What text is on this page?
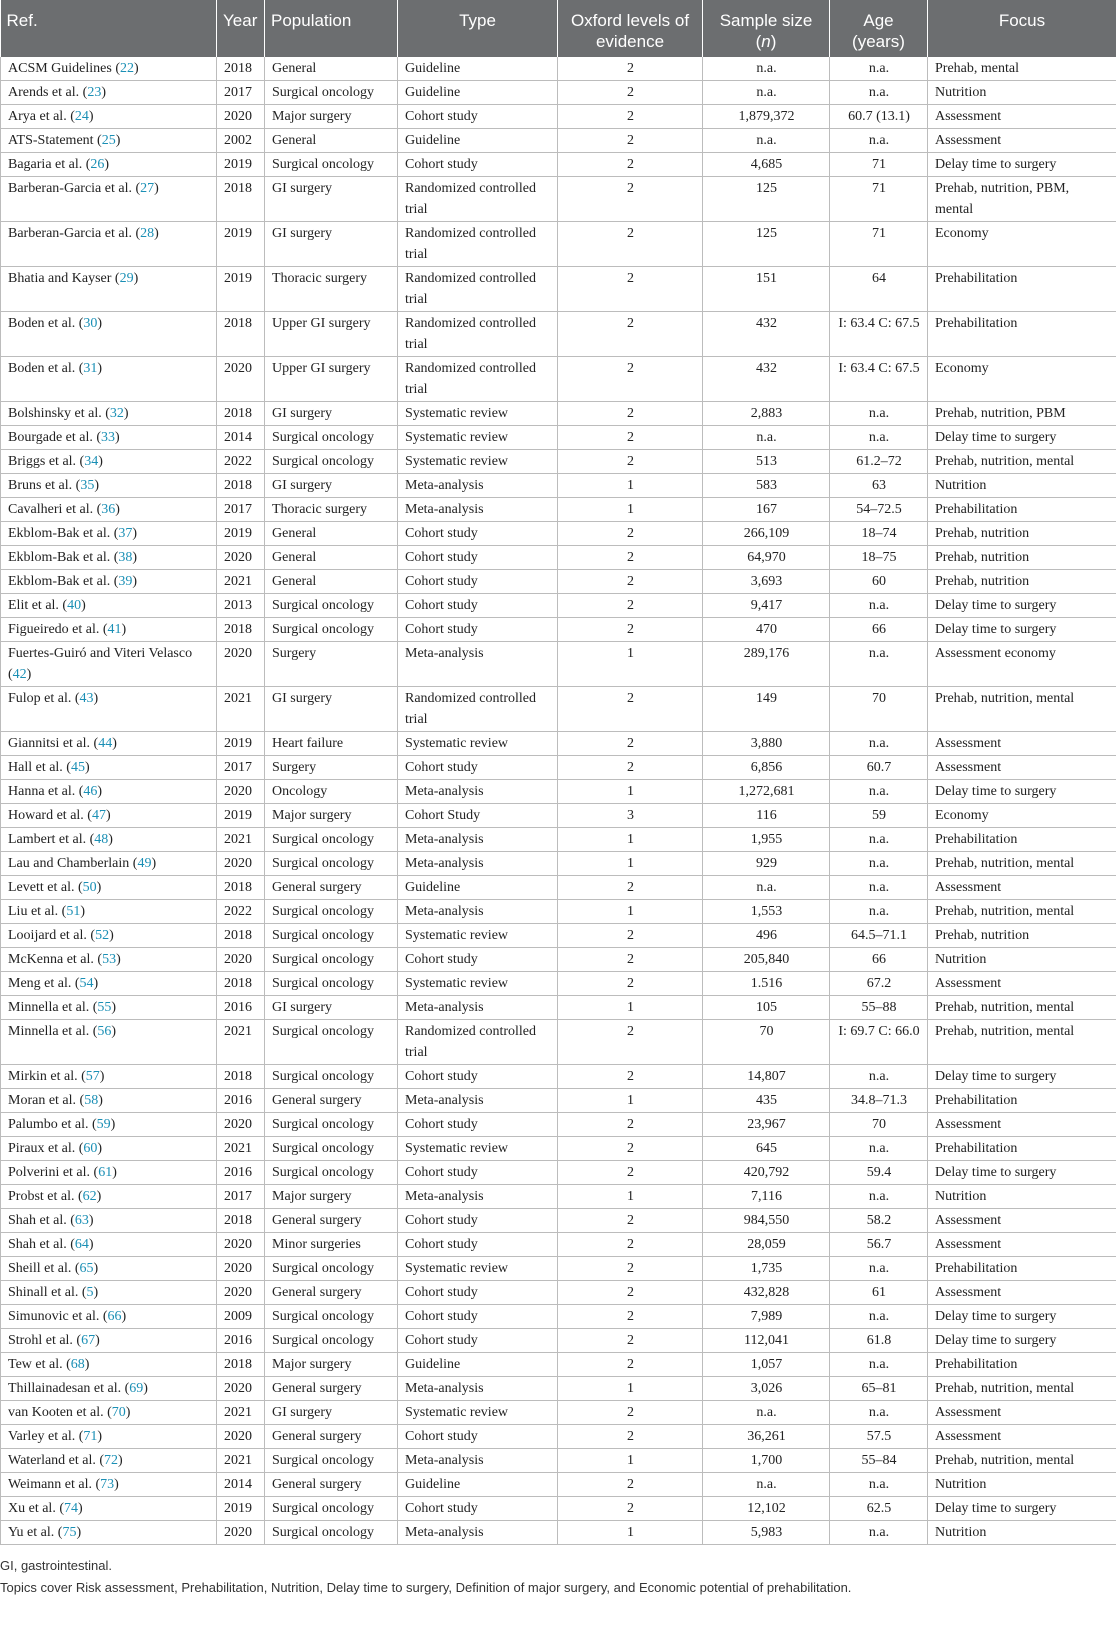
Ref.	Year	Population	Type	Oxford levels of evidence	Sample size (n)	Age (years)	Focus
ACSM Guidelines (22)	2018	General	Guideline	2	n.a.	n.a.	Prehab, mental
Arends et al. (23)	2017	Surgical oncology	Guideline	2	n.a.	n.a.	Nutrition
Arya et al. (24)	2020	Major surgery	Cohort study	2	1,879,372	60.7 (13.1)	Assessment
ATS-Statement (25)	2002	General	Guideline	2	n.a.	n.a.	Assessment
Bagaria et al. (26)	2019	Surgical oncology	Cohort study	2	4,685	71	Delay time to surgery
Barberan-Garcia et al. (27)	2018	GI surgery	Randomized controlled trial	2	125	71	Prehab, nutrition, PBM, mental
Barberan-Garcia et al. (28)	2019	GI surgery	Randomized controlled trial	2	125	71	Economy
Bhatia and Kayser (29)	2019	Thoracic surgery	Randomized controlled trial	2	151	64	Prehabilitation
Boden et al. (30)	2018	Upper GI surgery	Randomized controlled trial	2	432	I: 63.4 C: 67.5	Prehabilitation
Boden et al. (31)	2020	Upper GI surgery	Randomized controlled trial	2	432	I: 63.4 C: 67.5	Economy
Bolshinsky et al. (32)	2018	GI surgery	Systematic review	2	2,883	n.a.	Prehab, nutrition, PBM
Bourgade et al. (33)	2014	Surgical oncology	Systematic review	2	n.a.	n.a.	Delay time to surgery
Briggs et al. (34)	2022	Surgical oncology	Systematic review	2	513	61.2–72	Prehab, nutrition, mental
Bruns et al. (35)	2018	GI surgery	Meta-analysis	1	583	63	Nutrition
Cavalheri et al. (36)	2017	Thoracic surgery	Meta-analysis	1	167	54–72.5	Prehabilitation
Ekblom-Bak et al. (37)	2019	General	Cohort study	2	266,109	18–74	Prehab, nutrition
Ekblom-Bak et al. (38)	2020	General	Cohort study	2	64,970	18–75	Prehab, nutrition
Ekblom-Bak et al. (39)	2021	General	Cohort study	2	3,693	60	Prehab, nutrition
Elit et al. (40)	2013	Surgical oncology	Cohort study	2	9,417	n.a.	Delay time to surgery
Figueiredo et al. (41)	2018	Surgical oncology	Cohort study	2	470	66	Delay time to surgery
Fuertes-Guiró and Viteri Velasco (42)	2020	Surgery	Meta-analysis	1	289,176	n.a.	Assessment economy
Fulop et al. (43)	2021	GI surgery	Randomized controlled trial	2	149	70	Prehab, nutrition, mental
Giannitsi et al. (44)	2019	Heart failure	Systematic review	2	3,880	n.a.	Assessment
Hall et al. (45)	2017	Surgery	Cohort study	2	6,856	60.7	Assessment
Hanna et al. (46)	2020	Oncology	Meta-analysis	1	1,272,681	n.a.	Delay time to surgery
Howard et al. (47)	2019	Major surgery	Cohort Study	3	116	59	Economy
Lambert et al. (48)	2021	Surgical oncology	Meta-analysis	1	1,955	n.a.	Prehabilitation
Lau and Chamberlain (49)	2020	Surgical oncology	Meta-analysis	1	929	n.a.	Prehab, nutrition, mental
Levett et al. (50)	2018	General surgery	Guideline	2	n.a.	n.a.	Assessment
Liu et al. (51)	2022	Surgical oncology	Meta-analysis	1	1,553	n.a.	Prehab, nutrition, mental
Looijard et al. (52)	2018	Surgical oncology	Systematic review	2	496	64.5–71.1	Prehab, nutrition
McKenna et al. (53)	2020	Surgical oncology	Cohort study	2	205,840	66	Nutrition
Meng et al. (54)	2018	Surgical oncology	Systematic review	2	1.516	67.2	Assessment
Minnella et al. (55)	2016	GI surgery	Meta-analysis	1	105	55–88	Prehab, nutrition, mental
Minnella et al. (56)	2021	Surgical oncology	Randomized controlled trial	2	70	I: 69.7 C: 66.0	Prehab, nutrition, mental
Mirkin et al. (57)	2018	Surgical oncology	Cohort study	2	14,807	n.a.	Delay time to surgery
Moran et al. (58)	2016	General surgery	Meta-analysis	1	435	34.8–71.3	Prehabilitation
Palumbo et al. (59)	2020	Surgical oncology	Cohort study	2	23,967	70	Assessment
Piraux et al. (60)	2021	Surgical oncology	Systematic review	2	645	n.a.	Prehabilitation
Polverini et al. (61)	2016	Surgical oncology	Cohort study	2	420,792	59.4	Delay time to surgery
Probst et al. (62)	2017	Major surgery	Meta-analysis	1	7,116	n.a.	Nutrition
Shah et al. (63)	2018	General surgery	Cohort study	2	984,550	58.2	Assessment
Shah et al. (64)	2020	Minor surgeries	Cohort study	2	28,059	56.7	Assessment
Sheill et al. (65)	2020	Surgical oncology	Systematic review	2	1,735	n.a.	Prehabilitation
Shinall et al. (5)	2020	General surgery	Cohort study	2	432,828	61	Assessment
Simunovic et al. (66)	2009	Surgical oncology	Cohort study	2	7,989	n.a.	Delay time to surgery
Strohl et al. (67)	2016	Surgical oncology	Cohort study	2	112,041	61.8	Delay time to surgery
Tew et al. (68)	2018	Major surgery	Guideline	2	1,057	n.a.	Prehabilitation
Thillainadesan et al. (69)	2020	General surgery	Meta-analysis	1	3,026	65–81	Prehab, nutrition, mental
van Kooten et al. (70)	2021	GI surgery	Systematic review	2	n.a.	n.a.	Assessment
Varley et al. (71)	2020	General surgery	Cohort study	2	36,261	57.5	Assessment
Waterland et al. (72)	2021	Surgical oncology	Meta-analysis	1	1,700	55–84	Prehab, nutrition, mental
Weimann et al. (73)	2014	General surgery	Guideline	2	n.a.	n.a.	Nutrition
Xu et al. (74)	2019	Surgical oncology	Cohort study	2	12,102	62.5	Delay time to surgery
Yu et al. (75)	2020	Surgical oncology	Meta-analysis	1	5,983	n.a.	Nutrition
GI, gastrointestinal.
Topics cover Risk assessment, Prehabilitation, Nutrition, Delay time to surgery, Definition of major surgery, and Economic potential of prehabilitation.
